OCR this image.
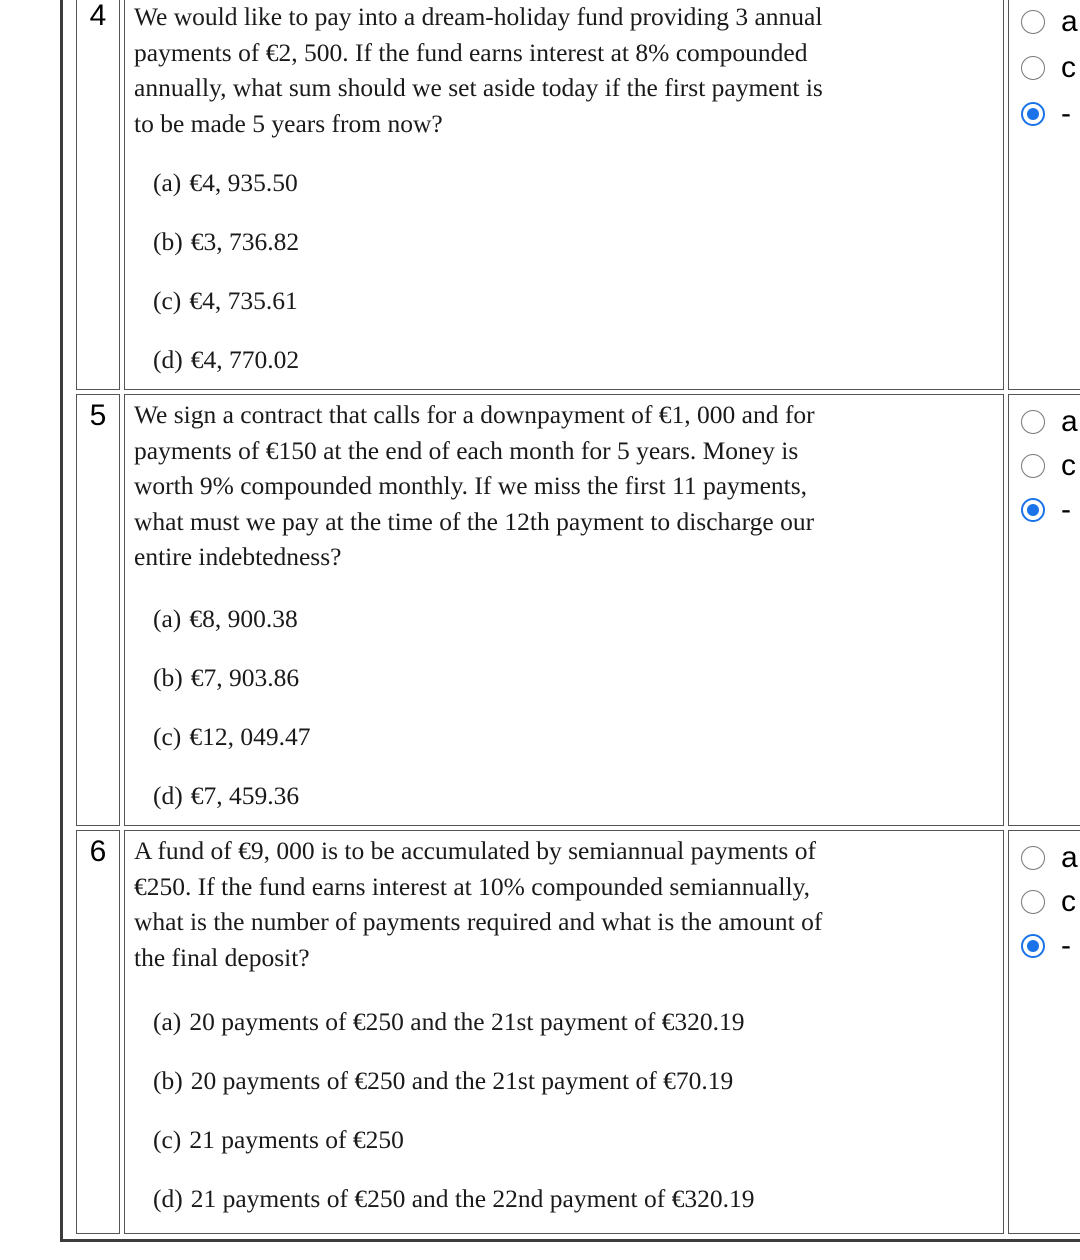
4	We would like to pay into a dream-holiday fund providing 3 annual
payments of €2, 500. If the fund earns interest at 8% compounded
annually, what sum should we set aside today if the first payment is
to be made 5 years from now?
(a) €4, 935.50
(b) €3, 736.82
(c) €4, 735.61
(d) €4, 770.02
a
c
-
5	We sign a contract that calls for a downpayment of €1, 000 and for
payments of €150 at the end of each month for 5 years. Money is
worth 9% compounded monthly. If we miss the first 11 payments,
what must we pay at the time of the 12th payment to discharge our
entire indebtedness?
(a) €8, 900.38
(b) €7, 903.86
(c) €12, 049.47
(d) €7, 459.36
a
c
-
6	A fund of €9, 000 is to be accumulated by semiannual payments of
€250. If the fund earns interest at 10% compounded semiannually,
what is the number of payments required and what is the amount of
the final deposit?
(a) 20 payments of €250 and the 21st payment of €320.19
(b) 20 payments of €250 and the 21st payment of €70.19
(c) 21 payments of €250
(d) 21 payments of €250 and the 22nd payment of €320.19
a
c
-
